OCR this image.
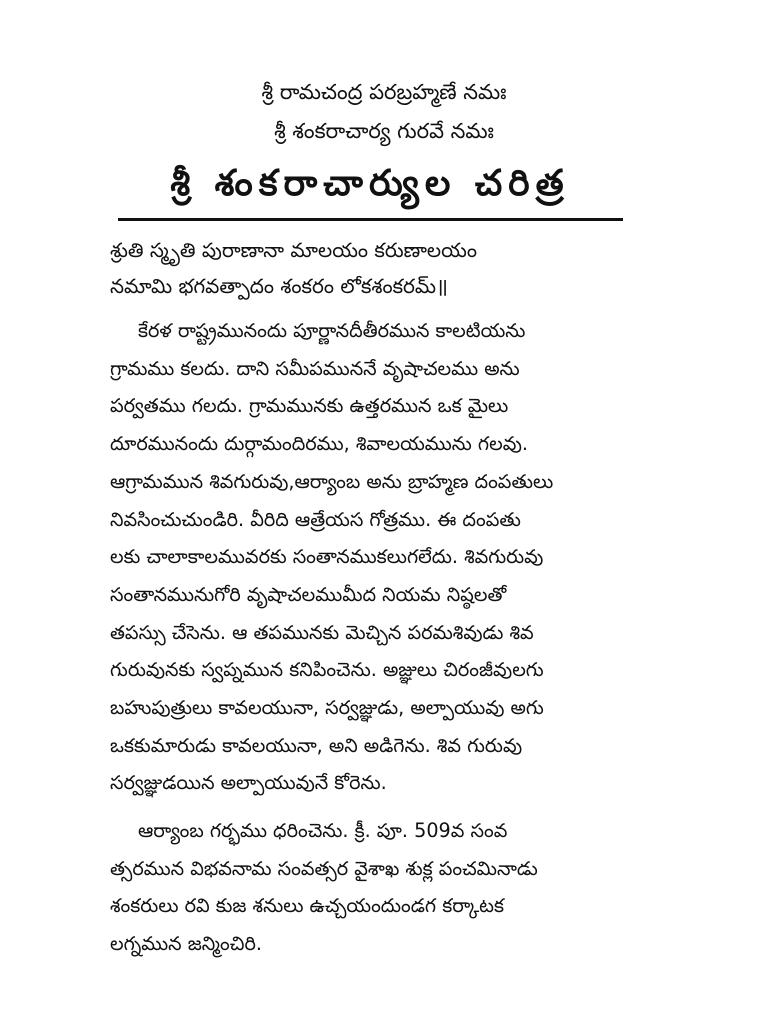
శ్రీ రామచంద్ర పరబ్రహ్మణే నమః
శ్రీ శంకరాచార్య గురవే నమః
శ్రీ శంకరాచార్యుల చరిత్ర
శ్రుతి స్మృతి పురాణానా మాలయం కరుణాలయం
నమామి భగవత్పాదం శంకరం లోకశంకరమ్॥
కేరళ రాష్ట్రమునందు పూర్ణానదీతీరమున కాలటియను
గ్రామము కలదు. దాని సమీపముననే వృషాచలము అను
పర్వతము గలదు. గ్రామమునకు ఉత్తరమున ఒక మైలు
దూరమునందు దుర్గామందిరము, శివాలయమును గలవు.
ఆగ్రామమున శివగురువు,ఆర్యాంబ అను బ్రాహ్మణ దంపతులు
నివసించుచుండిరి. వీరిది ఆత్రేయస గోత్రము. ఈ దంపతు
లకు చాలాకాలమువరకు సంతానముకలుగలేదు. శివగురువు
సంతానమునుగోరి వృషాచలముమీద నియమ నిష్ఠలతో
తపస్సు చేసెను. ఆ తపమునకు మెచ్చిన పరమశివుడు శివ
గురువునకు స్వప్నమున కనిపించెను. అజ్ఞులు చిరంజీవులగు
బహుపుత్రులు కావలయునా, సర్వజ్ఞుడు, అల్పాయువు అగు
ఒకకుమారుడు కావలయునా, అని అడిగెను. శివ గురువు
సర్వజ్ఞుడయిన అల్పాయువునే కోరెను.
ఆర్యాంబ గర్భము ధరించెను. క్రీ. పూ. 509వ సంవ
త్సరమున విభవనామ సంవత్సర వైశాఖ శుక్ల పంచమినాడు
శంకరులు రవి కుజ శనులు ఉచ్చయందుండగ కర్కాటక
లగ్నమున జన్మించిరి.
